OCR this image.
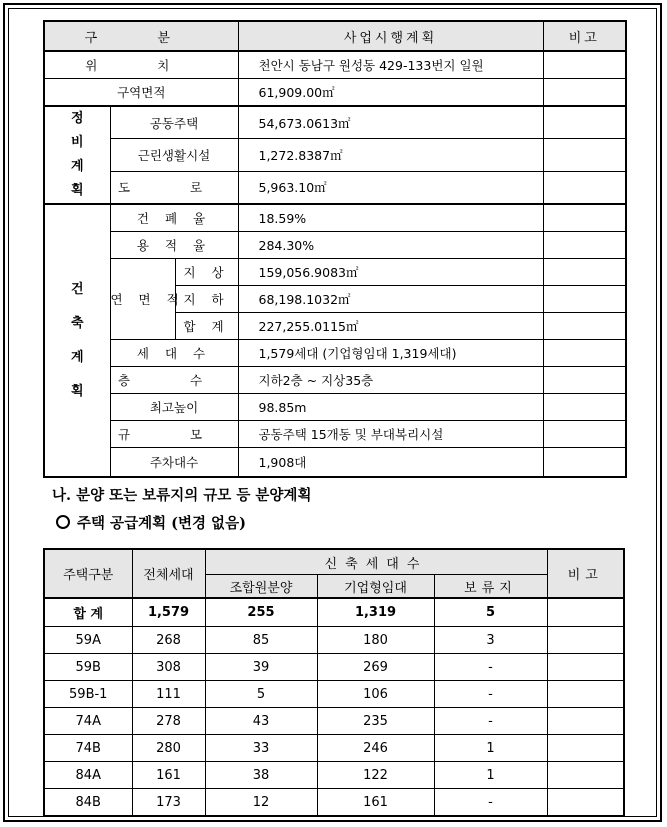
구 분			사업시행계획	비고
위 치			천안시 동남구 원성동 429-133번지 일원	
구역면적			61,909.00㎡	

정
비
계
획	공동주택		54,673.0613㎡	
	근린생활시설		1,272.8387㎡	
	도 로		5,963.10㎡	

건
축
계
획	건 폐 율		18.59%	
	용 적 율		284.30%	
	연 면 적	지 상	159,056.9083㎡	
		지 하	68,198.1032㎡	
		합 계	227,255.0115㎡	
	세 대 수		1,579세대 (기업형임대 1,319세대)	
	층 수		지하2층 ~ 지상35층	
	최고높이		98.85m	
	규 모		공동주택 15개동 및 부대복리시설	
	주차대수		1,908대	
나. 분양 또는 보류지의 규모 등 분양계획
주택 공급계획 (변경 없음)
주택구분	전체세대	신축세대수			비고
		조합원분양	기업형임대	보류지	
합 계	1,579	255	1,319	5	
59A	268	85	180	3	
59B	308	39	269	-	
59B-1	111	5	106	-	
74A	278	43	235	-	
74B	280	33	246	1	
84A	161	38	122	1	
84B	173	12	161	-	
